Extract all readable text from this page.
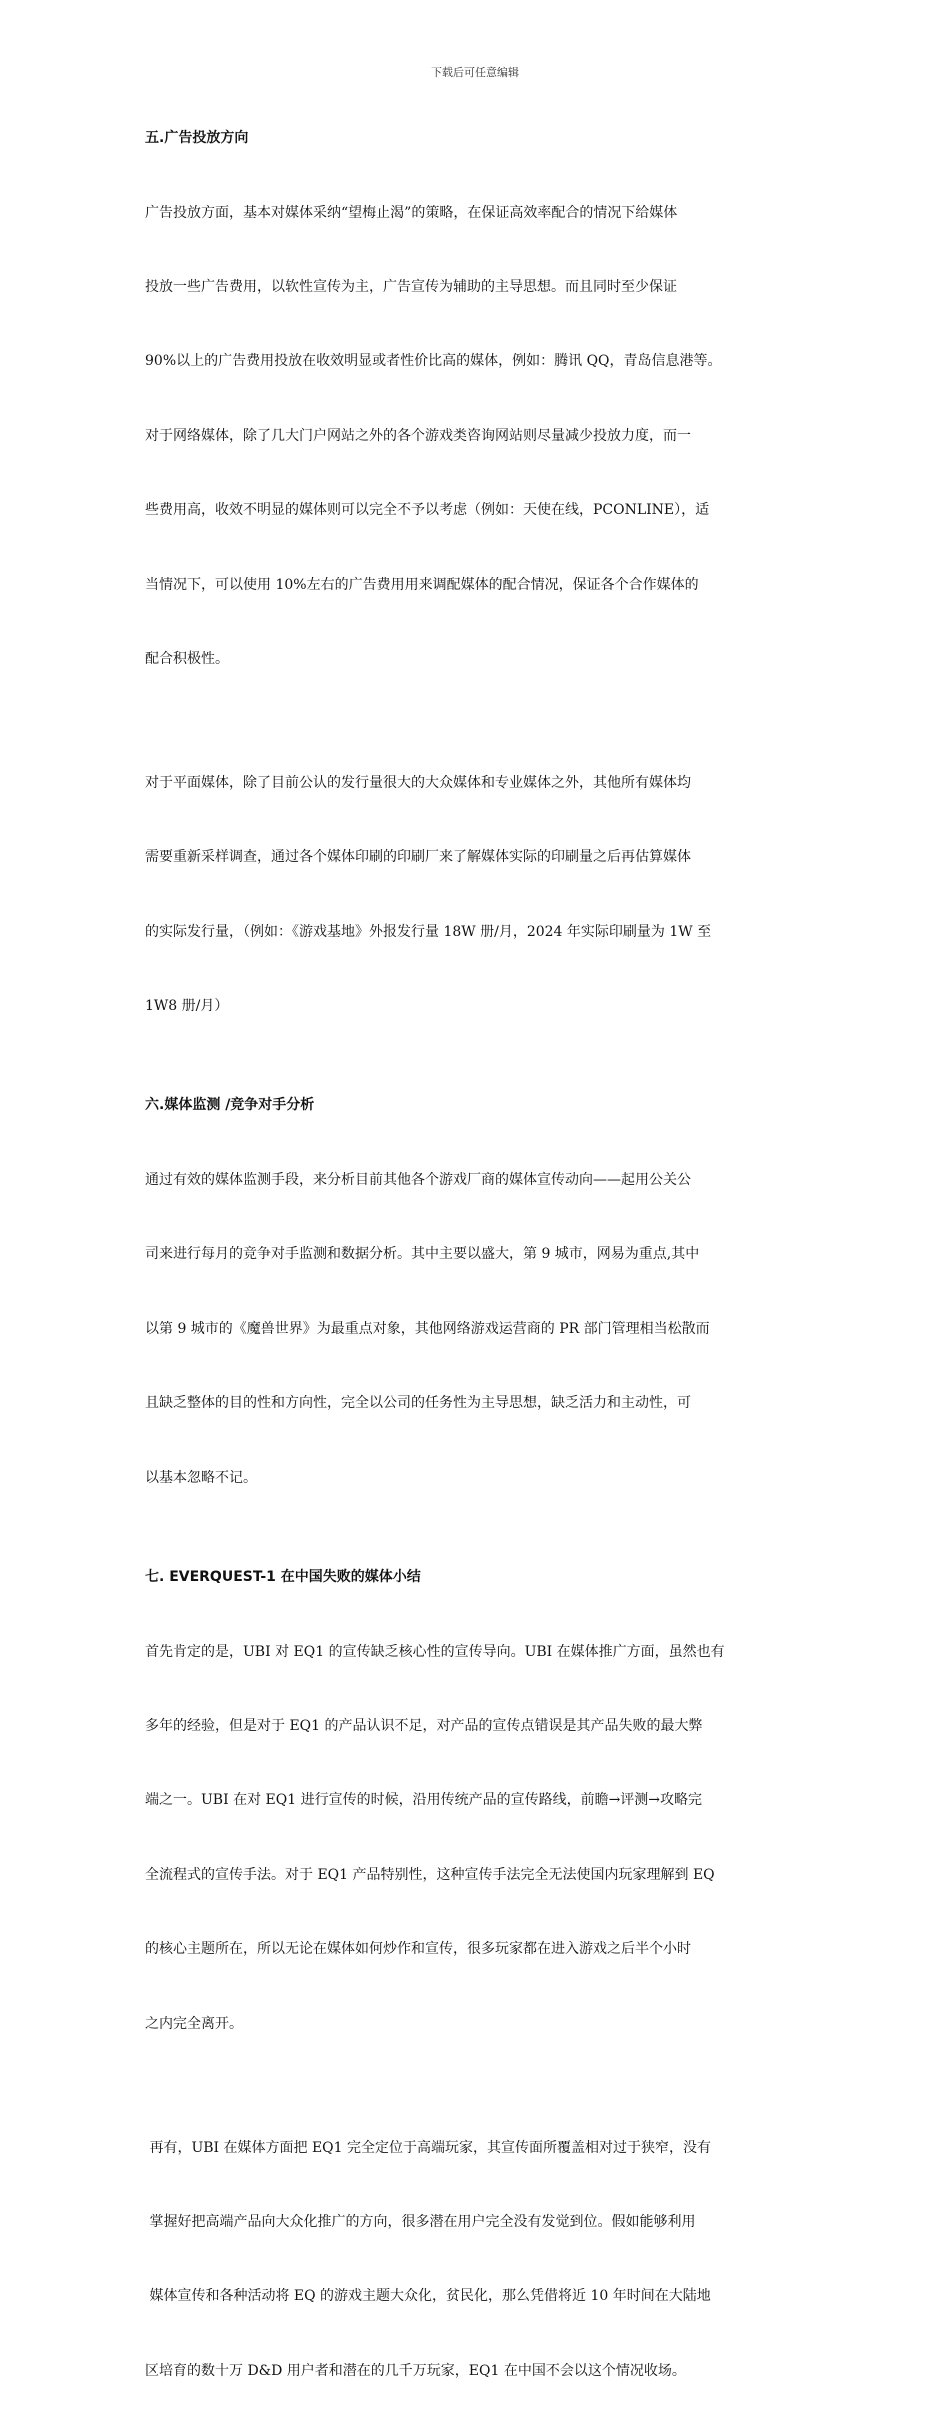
下载后可任意编辑

五.广告投放方向

广告投放方面，基本对媒体采纳“望梅止渴”的策略，在保证高效率配合的情况下给媒体

投放一些广告费用，以软性宣传为主，广告宣传为辅助的主导思想。而且同时至少保证

90%以上的广告费用投放在收效明显或者性价比高的媒体，例如：腾讯 QQ，青岛信息港等。

对于网络媒体，除了几大门户网站之外的各个游戏类咨询网站则尽量减少投放力度，而一

些费用高，收效不明显的媒体则可以完全不予以考虑（例如：天使在线，PCONLINE），适

当情况下，可以使用 10%左右的广告费用用来调配媒体的配合情况，保证各个合作媒体的

配合积极性。

对于平面媒体，除了目前公认的发行量很大的大众媒体和专业媒体之外，其他所有媒体均

需要重新采样调查，通过各个媒体印刷的印刷厂来了解媒体实际的印刷量之后再估算媒体

的实际发行量，（例如：《游戏基地》外报发行量 18W 册/月，2024 年实际印刷量为 1W 至

1W8 册/月）

六.媒体监测 /竞争对手分析

通过有效的媒体监测手段，来分析目前其他各个游戏厂商的媒体宣传动向——起用公关公

司来进行每月的竞争对手监测和数据分析。其中主要以盛大，第 9 城市，网易为重点,其中

以第 9 城市的《魔兽世界》为最重点对象，其他网络游戏运营商的 PR 部门管理相当松散而

且缺乏整体的目的性和方向性，完全以公司的任务性为主导思想，缺乏活力和主动性，可

以基本忽略不记。

七. EVERQUEST-1 在中国失败的媒体小结

首先肯定的是，UBI 对 EQ1 的宣传缺乏核心性的宣传导向。UBI 在媒体推广方面，虽然也有

多年的经验，但是对于 EQ1 的产品认识不足，对产品的宣传点错误是其产品失败的最大弊

端之一。UBI 在对 EQ1 进行宣传的时候，沿用传统产品的宣传路线，前瞻→评测→攻略完

全流程式的宣传手法。对于 EQ1 产品特别性，这种宣传手法完全无法使国内玩家理解到 EQ

的核心主题所在，所以无论在媒体如何炒作和宣传，很多玩家都在进入游戏之后半个小时

之内完全离开。

再有，UBI 在媒体方面把 EQ1 完全定位于高端玩家，其宣传面所覆盖相对过于狭窄，没有

掌握好把高端产品向大众化推广的方向，很多潜在用户完全没有发觉到位。假如能够利用

媒体宣传和各种活动将 EQ 的游戏主题大众化，贫民化，那么凭借将近 10 年时间在大陆地

区培育的数十万 D&D 用户者和潜在的几千万玩家，EQ1 在中国不会以这个情况收场。
